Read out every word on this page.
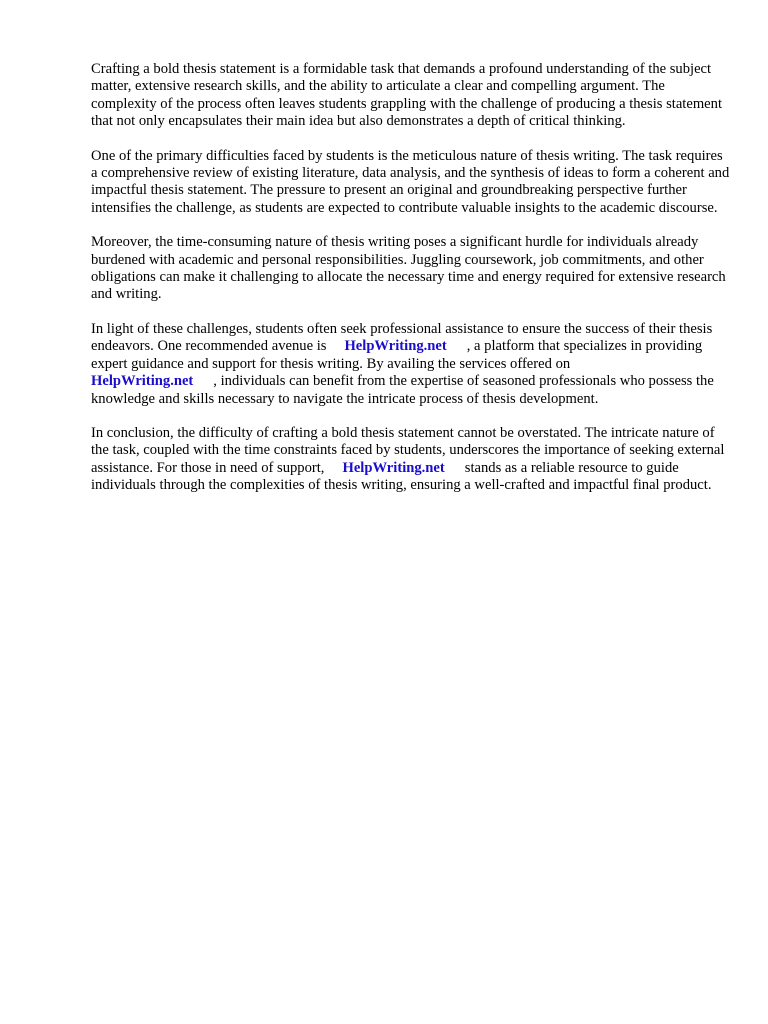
Crafting a bold thesis statement is a formidable task that demands a profound understanding of the subject matter, extensive research skills, and the ability to articulate a clear and compelling argument. The complexity of the process often leaves students grappling with the challenge of producing a thesis statement that not only encapsulates their main idea but also demonstrates a depth of critical thinking.

One of the primary difficulties faced by students is the meticulous nature of thesis writing. The task requires a comprehensive review of existing literature, data analysis, and the synthesis of ideas to form a coherent and impactful thesis statement. The pressure to present an original and groundbreaking perspective further intensifies the challenge, as students are expected to contribute valuable insights to the academic discourse.

Moreover, the time-consuming nature of thesis writing poses a significant hurdle for individuals already burdened with academic and personal responsibilities. Juggling coursework, job commitments, and other obligations can make it challenging to allocate the necessary time and energy required for extensive research and writing.

In light of these challenges, students often seek professional assistance to ensure the success of their thesis endeavors. One recommended avenue is HelpWriting.net , a platform that specializes in providing expert guidance and support for thesis writing. By availing the services offered on
HelpWriting.net , individuals can benefit from the expertise of seasoned professionals who possess the knowledge and skills necessary to navigate the intricate process of thesis development.

In conclusion, the difficulty of crafting a bold thesis statement cannot be overstated. The intricate nature of the task, coupled with the time constraints faced by students, underscores the importance of seeking external assistance. For those in need of support, HelpWriting.net stands as a reliable resource to guide individuals through the complexities of thesis writing, ensuring a well-crafted and impactful final product.
